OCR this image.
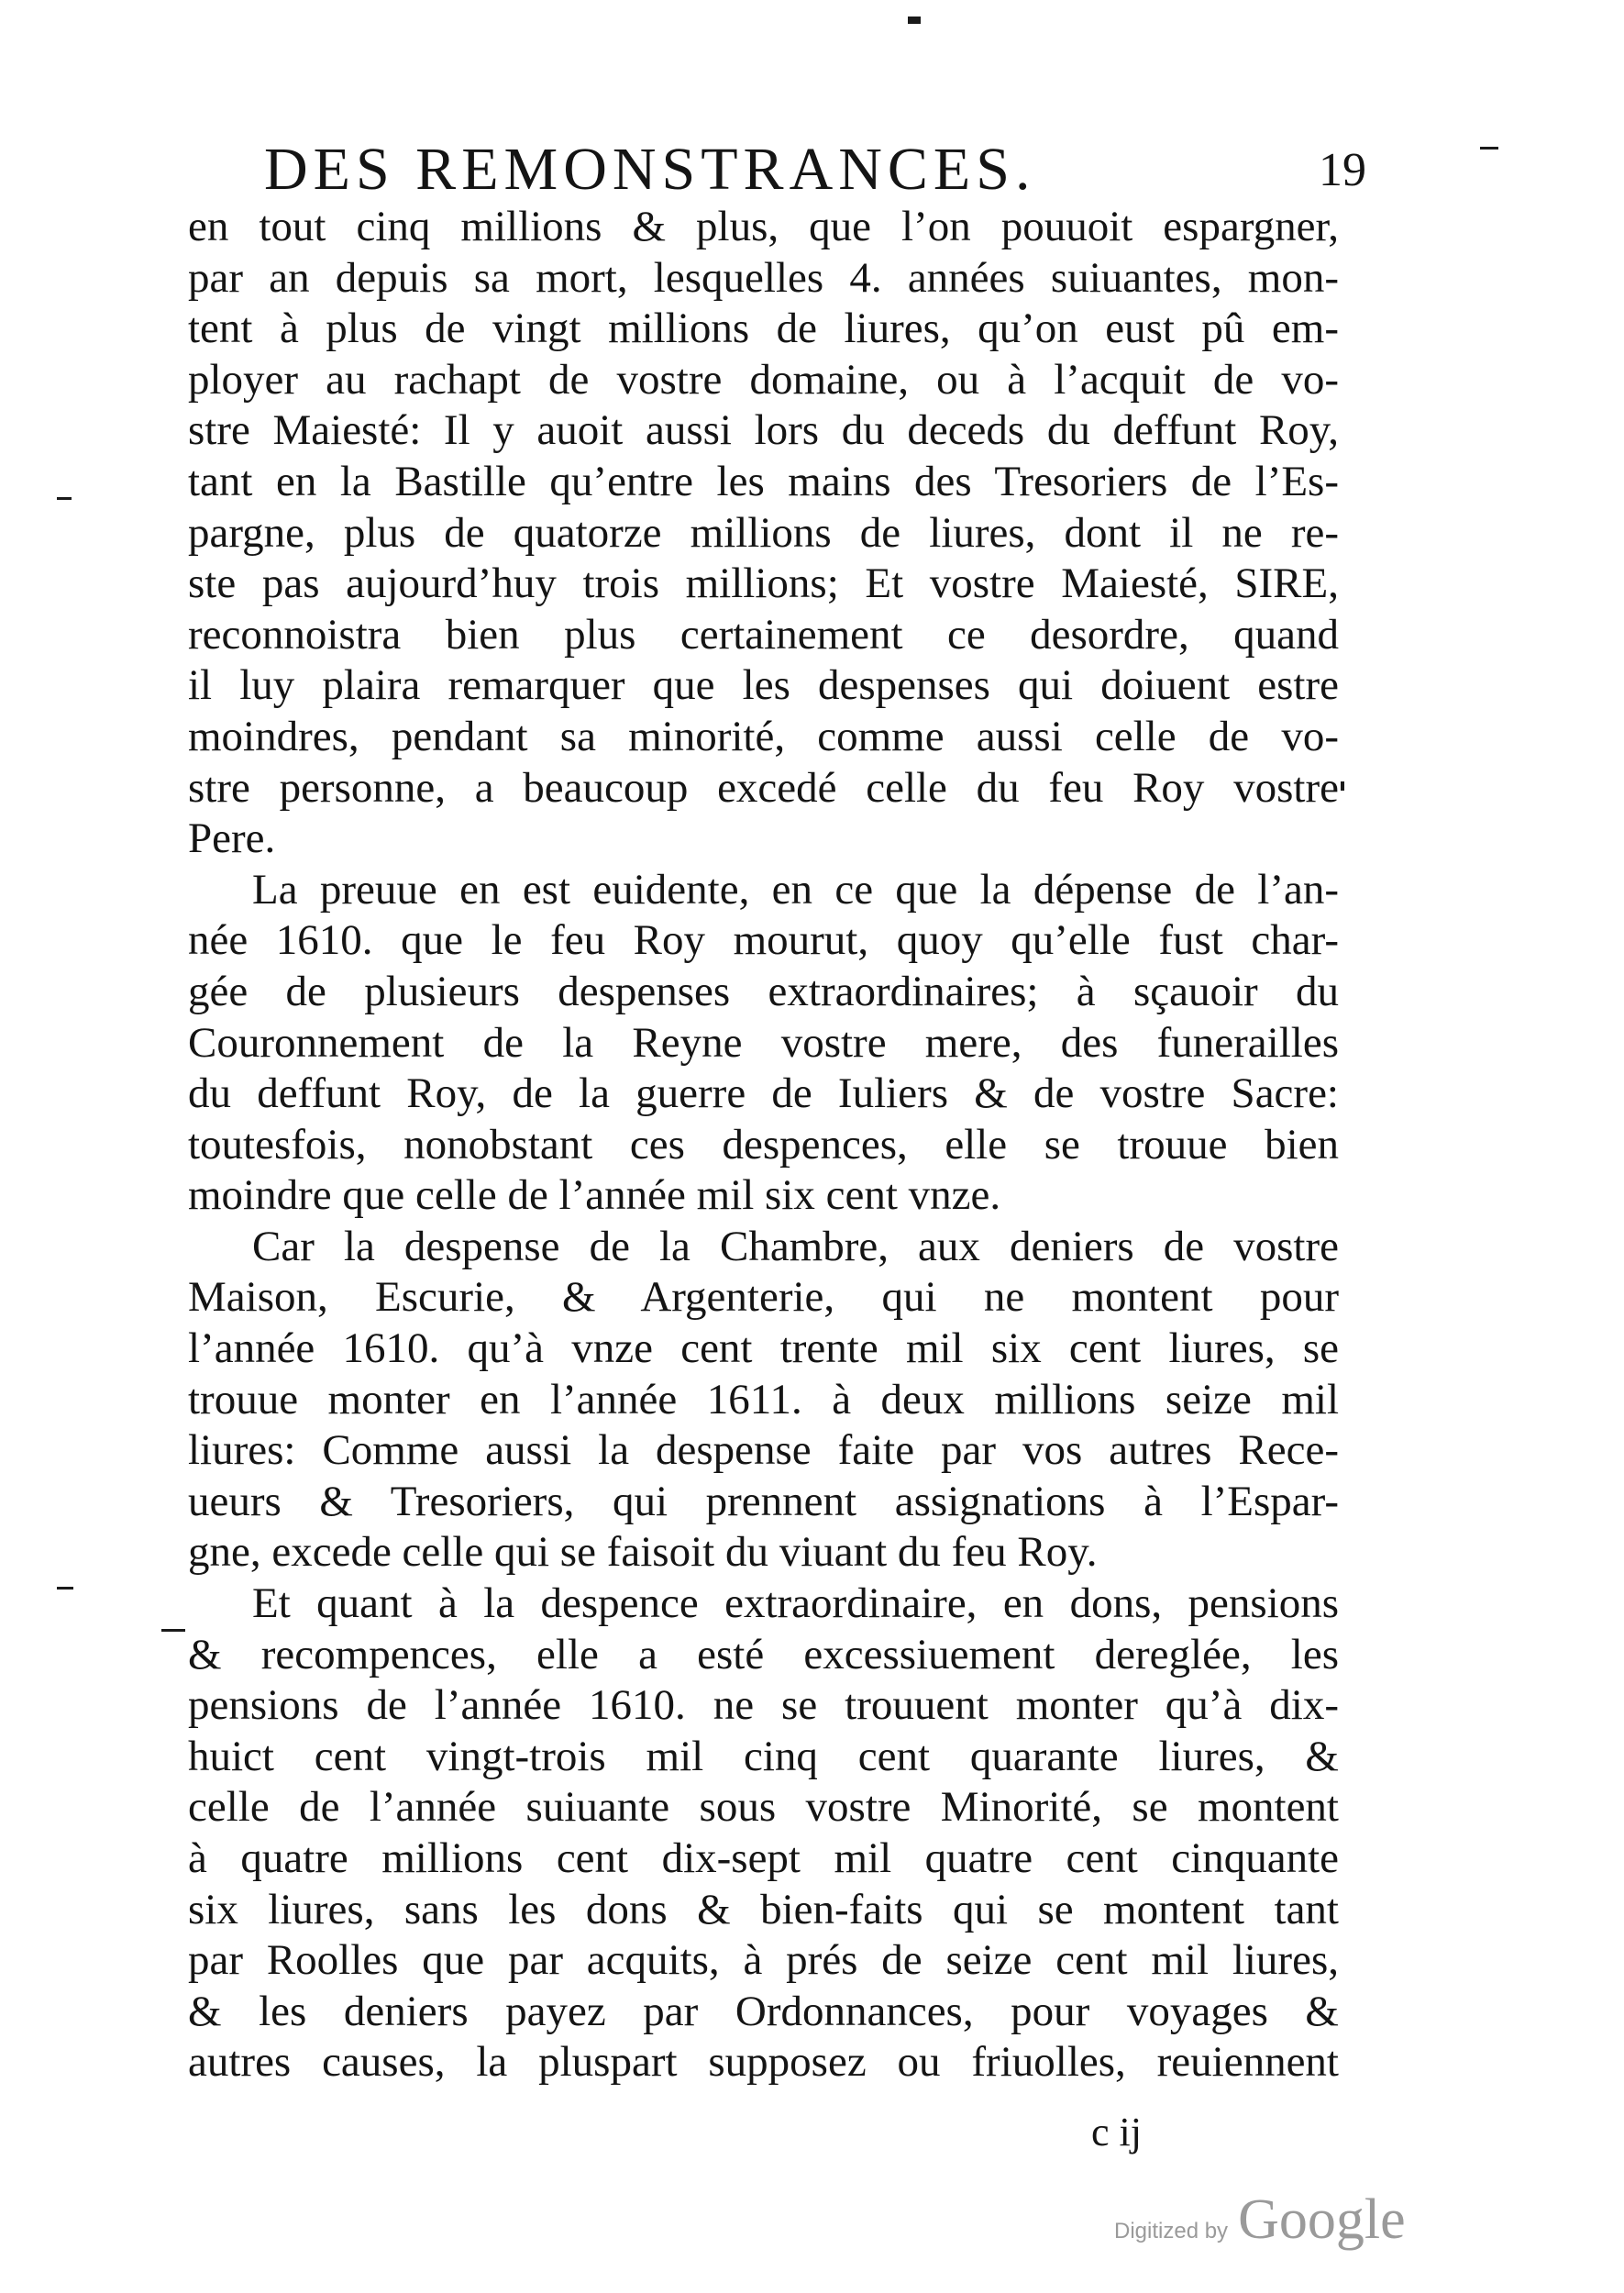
DES REMONSTRANCES.	19
en tout cinq millions & plus, que l’on pouuoit espargner,
par an depuis sa mort, lesquelles 4. années suiuantes, mon-
tent à plus de vingt millions de liures, qu’on eust pû em-
ployer au rachapt de vostre domaine, ou à l’acquit de vo-
stre Maiesté: Il y auoit aussi lors du deceds du deffunt Roy,
tant en la Bastille qu’entre les mains des Tresoriers de l’Es-
pargne, plus de quatorze millions de liures, dont il ne re-
ste pas aujourd’huy trois millions; Et vostre Maiesté, SIRE,
reconnoistra bien plus certainement ce desordre, quand
il luy plaira remarquer que les despenses qui doiuent estre
moindres, pendant sa minorité, comme aussi celle de vo-
stre personne, a beaucoup excedé celle du feu Roy vostre
Pere.
La preuue en est euidente, en ce que la dépense de l’an-
née 1610. que le feu Roy mourut, quoy qu’elle fust char-
gée de plusieurs despenses extraordinaires; à sçauoir du
Couronnement de la Reyne vostre mere, des funerailles
du deffunt Roy, de la guerre de Iuliers & de vostre Sacre:
toutesfois, nonobstant ces despences, elle se trouue bien
moindre que celle de l’année mil six cent vnze.
Car la despense de la Chambre, aux deniers de vostre
Maison, Escurie, & Argenterie, qui ne montent pour
l’année 1610. qu’à vnze cent trente mil six cent liures, se
trouue monter en l’année 1611. à deux millions seize mil
liures: Comme aussi la despense faite par vos autres Rece-
ueurs & Tresoriers, qui prennent assignations à l’Espar-
gne, excede celle qui se faisoit du viuant du feu Roy.
Et quant à la despence extraordinaire, en dons, pensions
& recompences, elle a esté excessiuement dereglée, les
pensions de l’année 1610. ne se trouuent monter qu’à dix-
huict cent vingt-trois mil cinq cent quarante liures, &
celle de l’année suiuante sous vostre Minorité, se montent
à quatre millions cent dix-sept mil quatre cent cinquante
six liures, sans les dons & bien-faits qui se montent tant
par Roolles que par acquits, à prés de seize cent mil liures,
& les deniers payez par Ordonnances, pour voyages &
autres causes, la pluspart supposez ou friuolles, reuiennent
c ij
Digitized by Google
